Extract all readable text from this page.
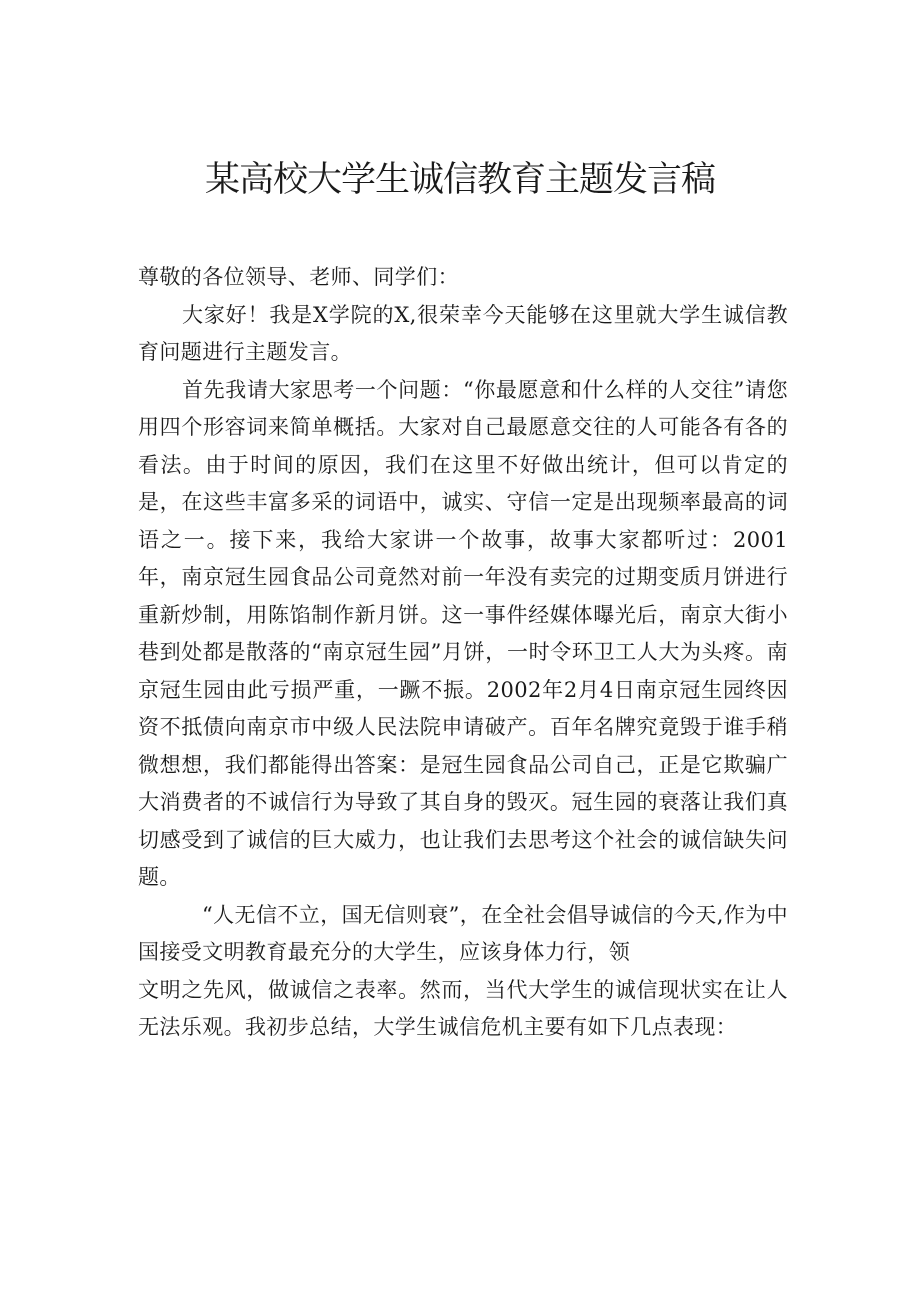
某高校大学生诚信教育主题发言稿

尊敬的各位领导、老师、同学们：

大家好！我是X学院的X,很荣幸今天能够在这里就大学生诚信教育问题进行主题发言。

首先我请大家思考一个问题：“你最愿意和什么样的人交往”请您用四个形容词来简单概括。大家对自己最愿意交往的人可能各有各的看法。由于时间的原因，我们在这里不好做出统计，但可以肯定的是，在这些丰富多采的词语中，诚实、守信一定是出现频率最高的词语之一。接下来，我给大家讲一个故事，故事大家都听过：2001年，南京冠生园食品公司竟然对前一年没有卖完的过期变质月饼进行重新炒制，用陈馅制作新月饼。这一事件经媒体曝光后，南京大街小巷到处都是散落的“南京冠生园”月饼，一时令环卫工人大为头疼。南京冠生园由此亏损严重，一蹶不振。2002年2月4日南京冠生园终因资不抵债向南京市中级人民法院申请破产。百年名牌究竟毁于谁手稍微想想，我们都能得出答案：是冠生园食品公司自己，正是它欺骗广大消费者的不诚信行为导致了其自身的毁灭。冠生园的衰落让我们真切感受到了诚信的巨大威力，也让我们去思考这个社会的诚信缺失问题。

“人无信不立，国无信则衰”，在全社会倡导诚信的今天,作为中国接受文明教育最充分的大学生，应该身体力行，领

文明之先风，做诚信之表率。然而，当代大学生的诚信现状实在让人无法乐观。我初步总结，大学生诚信危机主要有如下几点表现：
